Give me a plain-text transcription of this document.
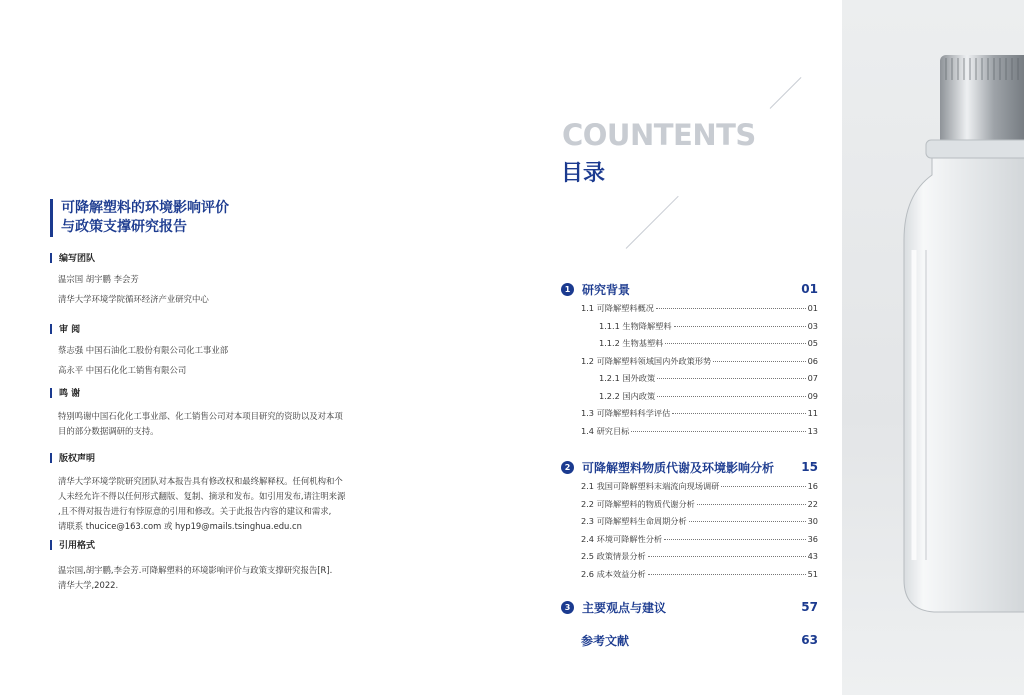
可降解塑料的环境影响评价
与政策支撑研究报告
编写团队
温宗国 胡宇鹏 李会芳
清华大学环境学院循环经济产业研究中心
审 阅
蔡志强 中国石油化工股份有限公司化工事业部
高永平 中国石化化工销售有限公司
鸣 谢
特别鸣谢中国石化化工事业部、化工销售公司对本项目研究的资助以及对本项
目的部分数据调研的支持。
版权声明
清华大学环境学院研究团队对本报告具有修改权和最终解释权。任何机构和个
人未经允许不得以任何形式翻版、复制、摘录和发布。如引用发布,请注明来源
,且不得对报告进行有悖原意的引用和修改。关于此报告内容的建议和需求,
请联系 thucice@163.com 或 hyp19@mails.tsinghua.edu.cn
引用格式
温宗国,胡宇鹏,李会芳.可降解塑料的环境影响评价与政策支撑研究报告[R].
清华大学,2022.
COUNTENTS
目录
1 研究背景	01
1.1 可降解塑料概况	01
1.1.1 生物降解塑料	03
1.1.2 生物基塑料	05
1.2 可降解塑料领域国内外政策形势	06
1.2.1 国外政策	07
1.2.2 国内政策	09
1.3 可降解塑料科学评估	11
1.4 研究目标	13
2 可降解塑料物质代谢及环境影响分析 15
2.1 我国可降解塑料末端流向现场调研	16
2.2 可降解塑料的物质代谢分析	22
2.3 可降解塑料生命周期分析	30
2.4 环境可降解性分析	36
2.5 政策情景分析	43
2.6 成本效益分析	51
3 主要观点与建议	57
参考文献	63
